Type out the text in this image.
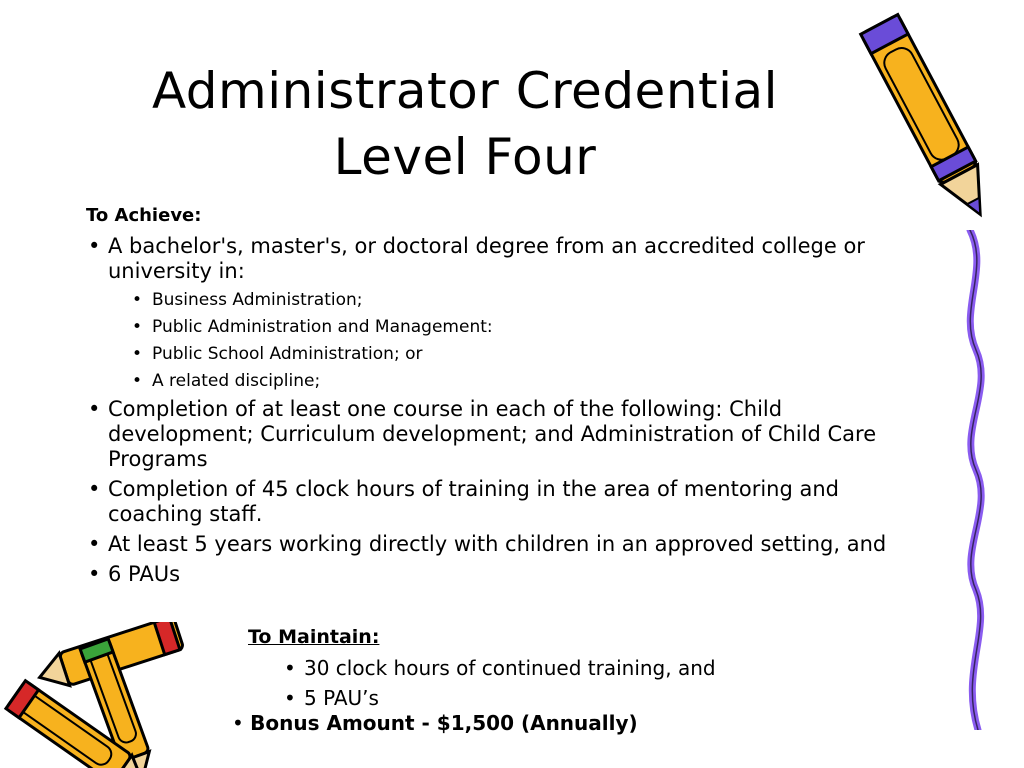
Administrator Credential
Level Four
To Achieve:
• A bachelor's, master's, or doctoral degree from an accredited college or university in:
• Business Administration;
• Public Administration and Management:
• Public School Administration; or
• A related discipline;
• Completion of at least one course in each of the following: Child development; Curriculum development; and Administration of Child Care Programs
• Completion of 45 clock hours of training in the area of mentoring and coaching staff.
• At least 5 years working directly with children in an approved setting, and
• 6 PAUs
To Maintain:
• 30 clock hours of continued training, and
• 5 PAU’s
• Bonus Amount - $1,500 (Annually)
